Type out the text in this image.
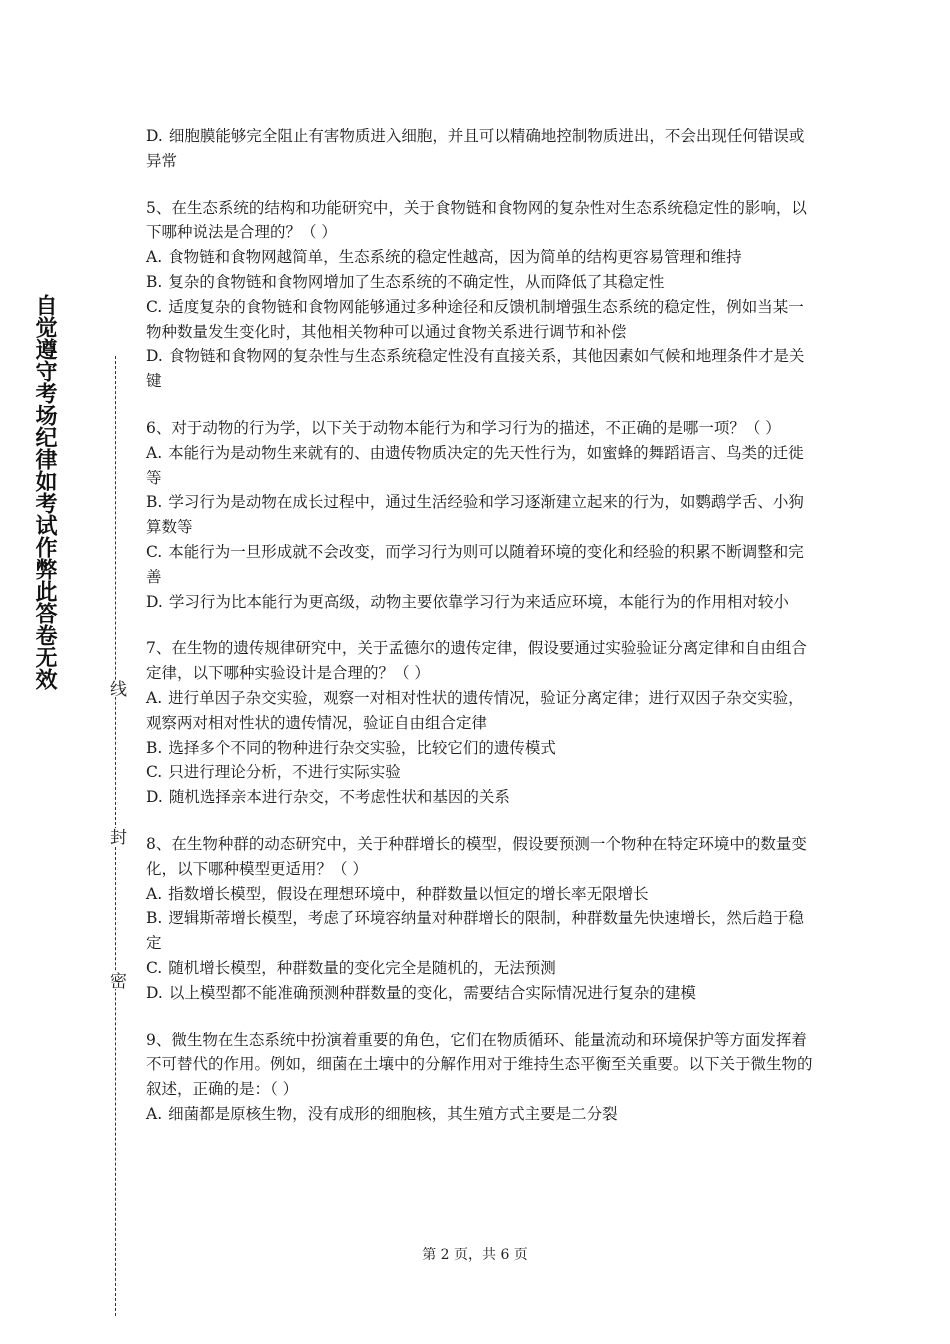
自觉遵守考场纪律如考试作弊此答卷无效	线
封
密

D. 细胞膜能够完全阻止有害物质进入细胞，并且可以精确地控制物质进出，不会出现任何错误或异常

5、在生态系统的结构和功能研究中，关于食物链和食物网的复杂性对生态系统稳定性的影响，以下哪种说法是合理的？（ ）

A. 食物链和食物网越简单，生态系统的稳定性越高，因为简单的结构更容易管理和维持

B. 复杂的食物链和食物网增加了生态系统的不确定性，从而降低了其稳定性

C. 适度复杂的食物链和食物网能够通过多种途径和反馈机制增强生态系统的稳定性，例如当某一物种数量发生变化时，其他相关物种可以通过食物关系进行调节和补偿

D. 食物链和食物网的复杂性与生态系统稳定性没有直接关系，其他因素如气候和地理条件才是关键

6、对于动物的行为学，以下关于动物本能行为和学习行为的描述，不正确的是哪一项？（ ）

A. 本能行为是动物生来就有的、由遗传物质决定的先天性行为，如蜜蜂的舞蹈语言、鸟类的迁徙等

B. 学习行为是动物在成长过程中，通过生活经验和学习逐渐建立起来的行为，如鹦鹉学舌、小狗算数等

C. 本能行为一旦形成就不会改变，而学习行为则可以随着环境的变化和经验的积累不断调整和完善

D. 学习行为比本能行为更高级，动物主要依靠学习行为来适应环境，本能行为的作用相对较小

7、在生物的遗传规律研究中，关于孟德尔的遗传定律，假设要通过实验验证分离定律和自由组合定律，以下哪种实验设计是合理的？（ ）

A. 进行单因子杂交实验，观察一对相对性状的遗传情况，验证分离定律；进行双因子杂交实验，观察两对相对性状的遗传情况，验证自由组合定律

B. 选择多个不同的物种进行杂交实验，比较它们的遗传模式

C. 只进行理论分析，不进行实际实验

D. 随机选择亲本进行杂交，不考虑性状和基因的关系

8、在生物种群的动态研究中，关于种群增长的模型，假设要预测一个物种在特定环境中的数量变化，以下哪种模型更适用？（ ）

A. 指数增长模型，假设在理想环境中，种群数量以恒定的增长率无限增长

B. 逻辑斯蒂增长模型，考虑了环境容纳量对种群增长的限制，种群数量先快速增长，然后趋于稳定

C. 随机增长模型，种群数量的变化完全是随机的，无法预测

D. 以上模型都不能准确预测种群数量的变化，需要结合实际情况进行复杂的建模

9、微生物在生态系统中扮演着重要的角色，它们在物质循环、能量流动和环境保护等方面发挥着不可替代的作用。例如，细菌在土壤中的分解作用对于维持生态平衡至关重要。以下关于微生物的叙述，正确的是：（ ）

A. 细菌都是原核生物，没有成形的细胞核，其生殖方式主要是二分裂

第 2 页，共 6 页
